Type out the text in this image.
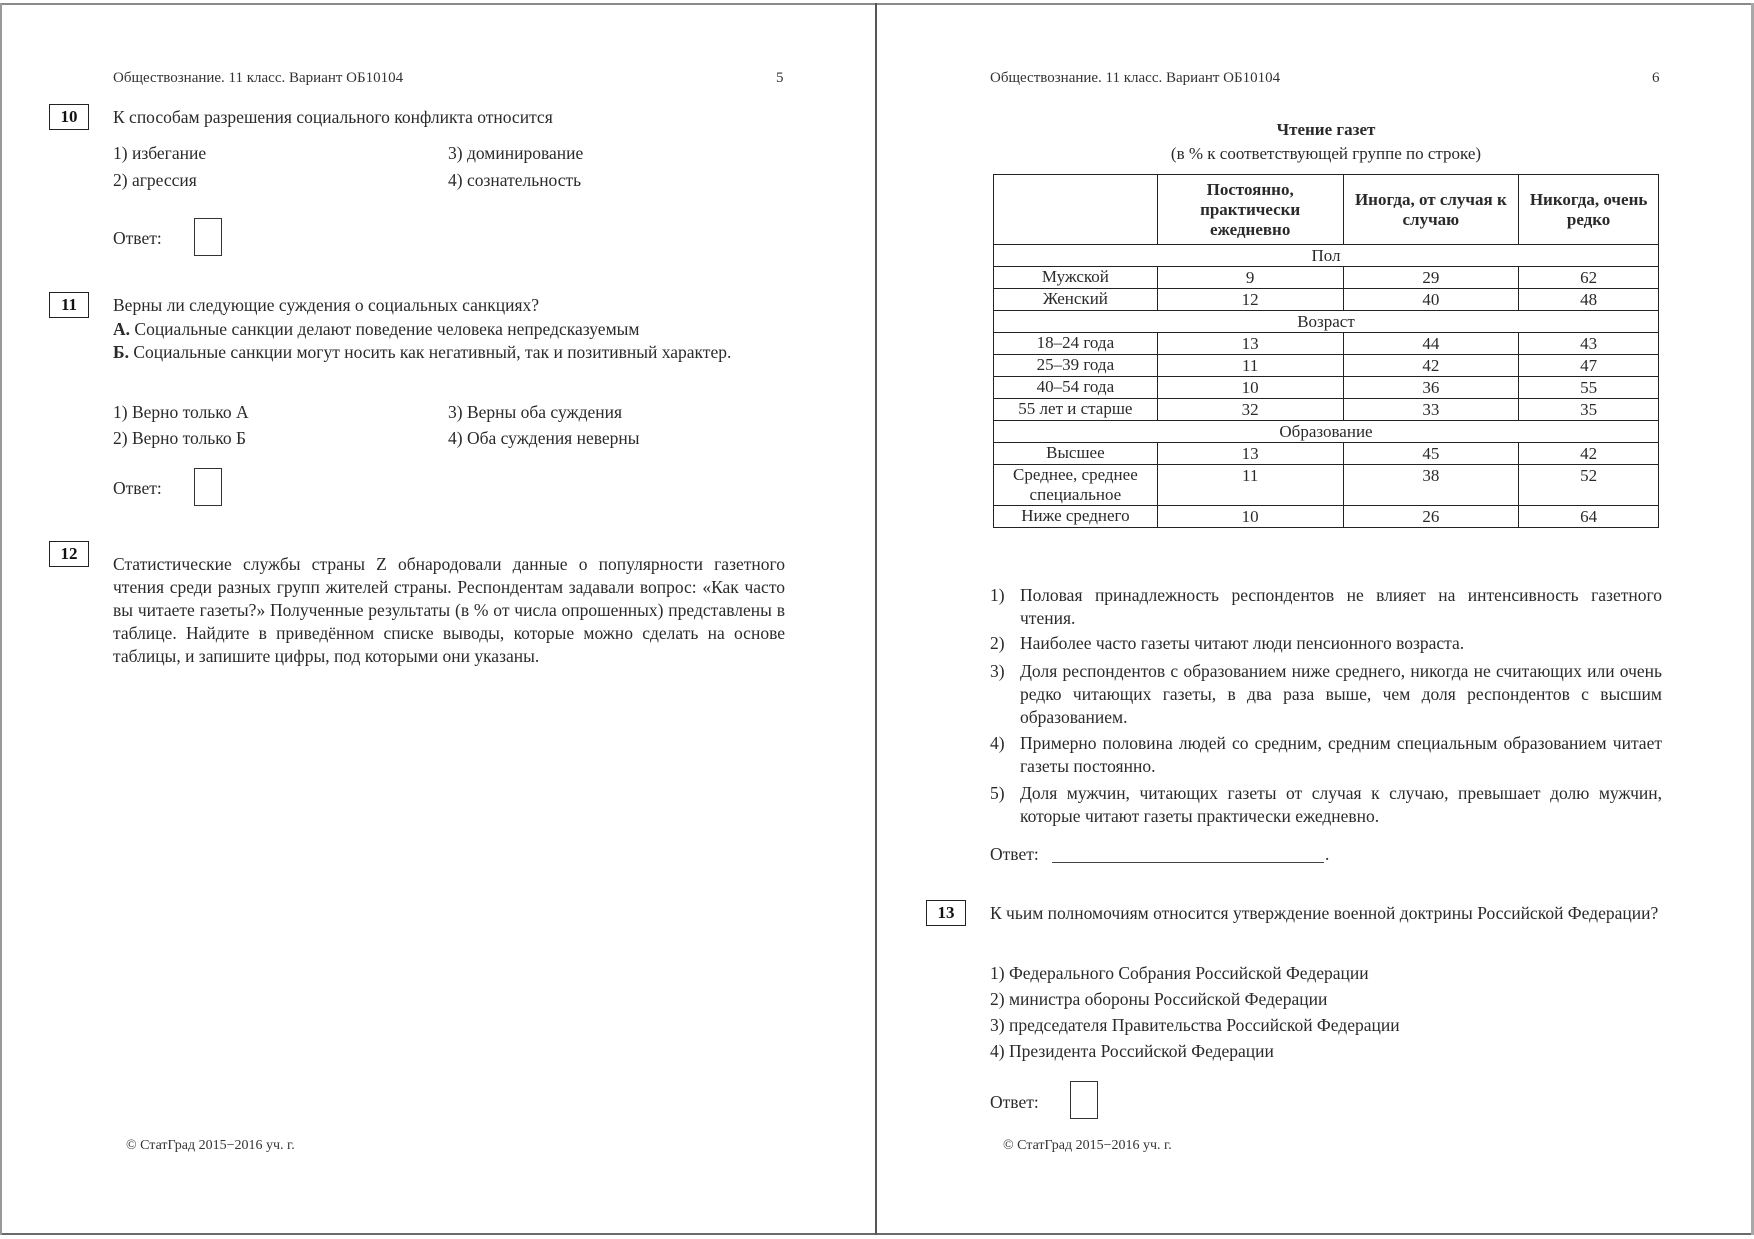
Обществознание. 11 класс. Вариант ОБ10104	5
10	К способам разрешения социального конфликта относится
1) избегание
2) агрессия
3) доминирование
4) сознательность
Ответ:
11	Верны ли следующие суждения о социальных санкциях?
А. Социальные санкции делают поведение человека непредсказуемым
Б. Социальные санкции могут носить как негативный, так и позитивный характер.
1) Верно только А
2) Верно только Б
3) Верны оба суждения
4) Оба суждения неверны
Ответ:
12
Статистические службы страны Z обнародовали данные о популярности газетного чтения среди разных групп жителей страны. Респондентам задавали вопрос: «Как часто вы читаете газеты?» Полученные результаты (в % от числа опрошенных) представлены в таблице. Найдите в приведённом списке выводы, которые можно сделать на основе таблицы, и запишите цифры, под которыми они указаны.
© СтатГрад 2015−2016 уч. г.
Обществознание. 11 класс. Вариант ОБ10104	6
Чтение газет
(в % к соответствующей группе по строке)
	Постоянно, практически ежедневно	Иногда, от случая к случаю	Никогда, очень редко
Пол			
Мужской	9	29	62
Женский	12	40	48
Возраст			
18–24 года	13	44	43
25–39 года	11	42	47
40–54 года	10	36	55
55 лет и старше	32	33	35
Образование			
Высшее	13	45	42
Среднее, среднее специальное	11	38	52
Ниже среднего	10	26	64
1) Половая принадлежность респондентов не влияет на интенсивность газетного чтения.
2) Наиболее часто газеты читают люди пенсионного возраста.
3) Доля респондентов с образованием ниже среднего, никогда не считающих или очень редко читающих газеты, в два раза выше, чем доля респондентов с высшим образованием.
4) Примерно половина людей со средним, средним специальным образованием читает газеты постоянно.
5) Доля мужчин, читающих газеты от случая к случаю, превышает долю мужчин, которые читают газеты практически ежедневно.
Ответ:	.
13	К чьим полномочиям относится утверждение военной доктрины Российской Федерации?
1) Федерального Собрания Российской Федерации
2) министра обороны Российской Федерации
3) председателя Правительства Российской Федерации
4) Президента Российской Федерации
Ответ:
© СтатГрад 2015−2016 уч. г.
